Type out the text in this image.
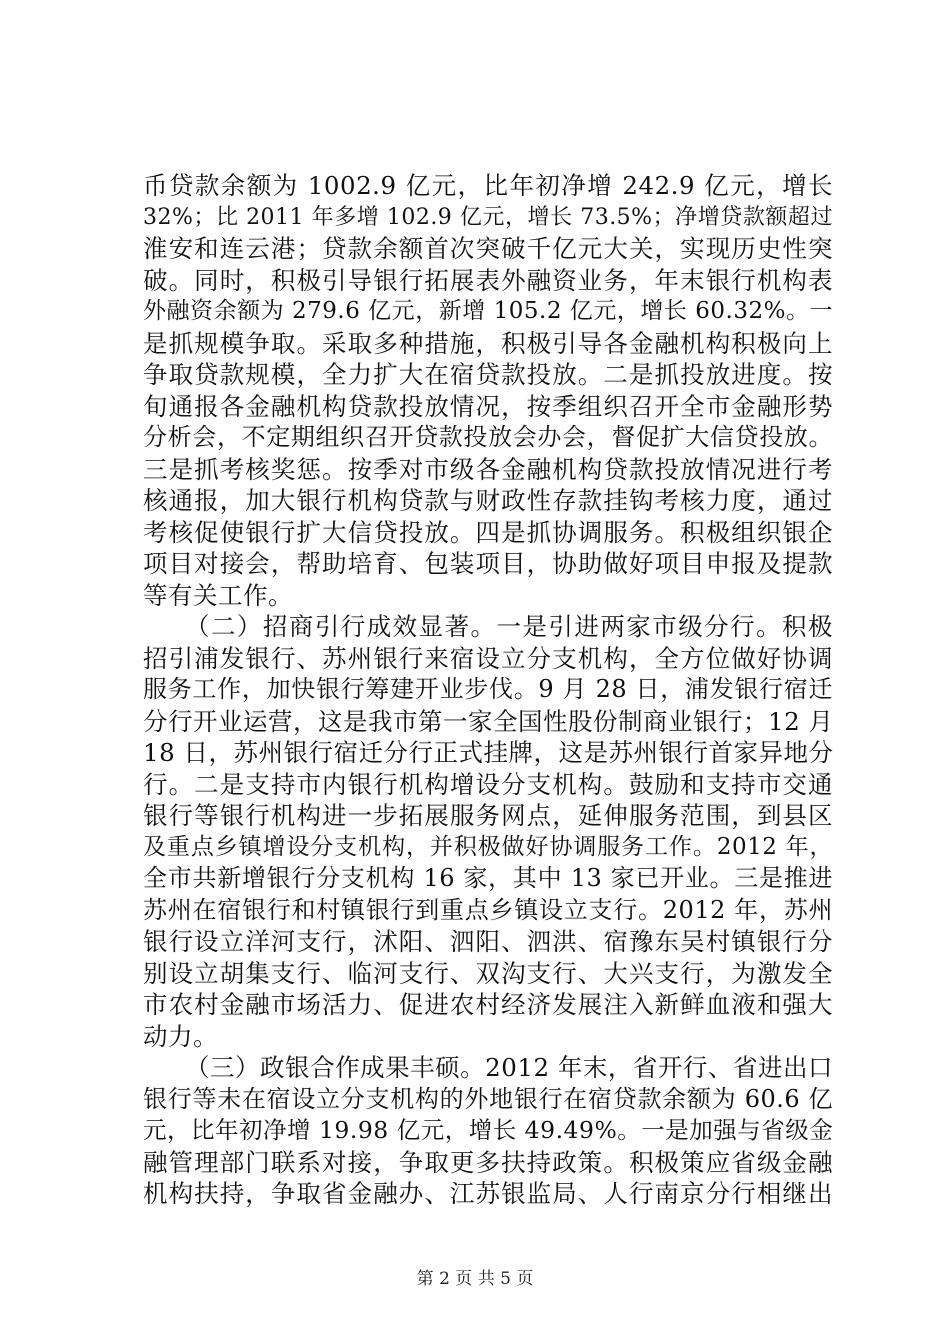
币贷款余额为 1002.9 亿元，比年初净增 242.9 亿元，增长
32%；比 2011 年多增 102.9 亿元，增长 73.5%；净增贷款额超过
淮安和连云港；贷款余额首次突破千亿元大关，实现历史性突
破。同时，积极引导银行拓展表外融资业务，年末银行机构表
外融资余额为 279.6 亿元，新增 105.2 亿元，增长 60.32%。一
是抓规模争取。采取多种措施，积极引导各金融机构积极向上
争取贷款规模，全力扩大在宿贷款投放。二是抓投放进度。按
旬通报各金融机构贷款投放情况，按季组织召开全市金融形势
分析会，不定期组织召开贷款投放会办会，督促扩大信贷投放。
三是抓考核奖惩。按季对市级各金融机构贷款投放情况进行考
核通报，加大银行机构贷款与财政性存款挂钩考核力度，通过
考核促使银行扩大信贷投放。四是抓协调服务。积极组织银企
项目对接会，帮助培育、包装项目，协助做好项目申报及提款
等有关工作。
（二）招商引行成效显著。一是引进两家市级分行。积极
招引浦发银行、苏州银行来宿设立分支机构，全方位做好协调
服务工作，加快银行筹建开业步伐。9 月 28 日，浦发银行宿迁
分行开业运营，这是我市第一家全国性股份制商业银行；12 月
18 日，苏州银行宿迁分行正式挂牌，这是苏州银行首家异地分
行。二是支持市内银行机构增设分支机构。鼓励和支持市交通
银行等银行机构进一步拓展服务网点，延伸服务范围，到县区
及重点乡镇增设分支机构，并积极做好协调服务工作。2012 年，
全市共新增银行分支机构 16 家，其中 13 家已开业。三是推进
苏州在宿银行和村镇银行到重点乡镇设立支行。2012 年，苏州
银行设立洋河支行，沭阳、泗阳、泗洪、宿豫东吴村镇银行分
别设立胡集支行、临河支行、双沟支行、大兴支行，为激发全
市农村金融市场活力、促进农村经济发展注入新鲜血液和强大
动力。
（三）政银合作成果丰硕。2012 年末，省开行、省进出口
银行等未在宿设立分支机构的外地银行在宿贷款余额为 60.6 亿
元，比年初净增 19.98 亿元，增长 49.49%。一是加强与省级金
融管理部门联系对接，争取更多扶持政策。积极策应省级金融
机构扶持，争取省金融办、江苏银监局、人行南京分行相继出
第 2 页 共 5 页
